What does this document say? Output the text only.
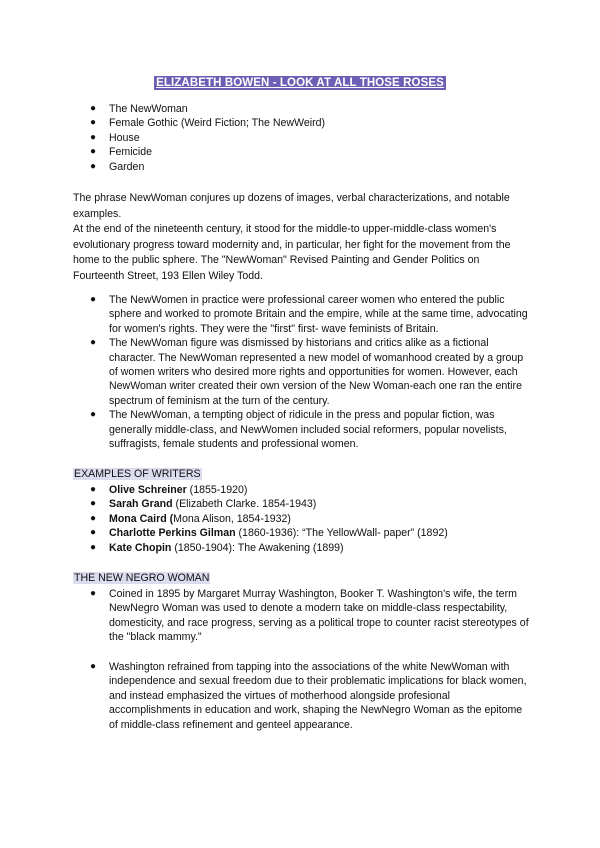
ELIZABETH BOWEN - LOOK AT ALL THOSE ROSES
● The NewWoman
● Female Gothic (Weird Fiction; The NewWeird)
● House
● Femicide
● Garden

The phrase NewWoman conjures up dozens of images, verbal characterizations, and notable examples.

At the end of the nineteenth century, it stood for the middle-to upper-middle-class women's evolutionary progress toward modernity and, in particular, her fight for the movement from the home to the public sphere. The "NewWoman" Revised Painting and Gender Politics on Fourteenth Street, 193 Ellen Wiley Todd.

● The NewWomen in practice were professional career women who entered the public sphere and worked to promote Britain and the empire, while at the same time, advocating for women's rights. They were the "first" first- wave feminists of Britain.
● The NewWoman figure was dismissed by historians and critics alike as a fictional character. The NewWoman represented a new model of womanhood created by a group of women writers who desired more rights and opportunities for women. However, each NewWoman writer created their own version of the New Woman-each one ran the entire spectrum of feminism at the turn of the century.
● The NewWoman, a tempting object of ridicule in the press and popular fiction, was generally middle-class, and NewWomen included social reformers, popular novelists, suffragists, female students and professional women.
EXAMPLES OF WRITERS
● Olive Schreiner (1855-1920)
● Sarah Grand (Elizabeth Clarke. 1854-1943)
● Mona Caird (Mona Alison, 1854-1932)
● Charlotte Perkins Gilman (1860-1936): “The YellowWall- paper” (1892)
● Kate Chopin (1850-1904): The Awakening (1899)
THE NEW NEGRO WOMAN
● Coined in 1895 by Margaret Murray Washington, Booker T. Washington's wife, the term NewNegro Woman was used to denote a modern take on middle-class respectability, domesticity, and race progress, serving as a political trope to counter racist stereotypes of the "black mammy."
● Washington refrained from tapping into the associations of the white NewWoman with independence and sexual freedom due to their problematic implications for black women, and instead emphasized the virtues of motherhood alongside profesional accomplishments in education and work, shaping the NewNegro Woman as the epitome of middle-class refinement and genteel appearance.
